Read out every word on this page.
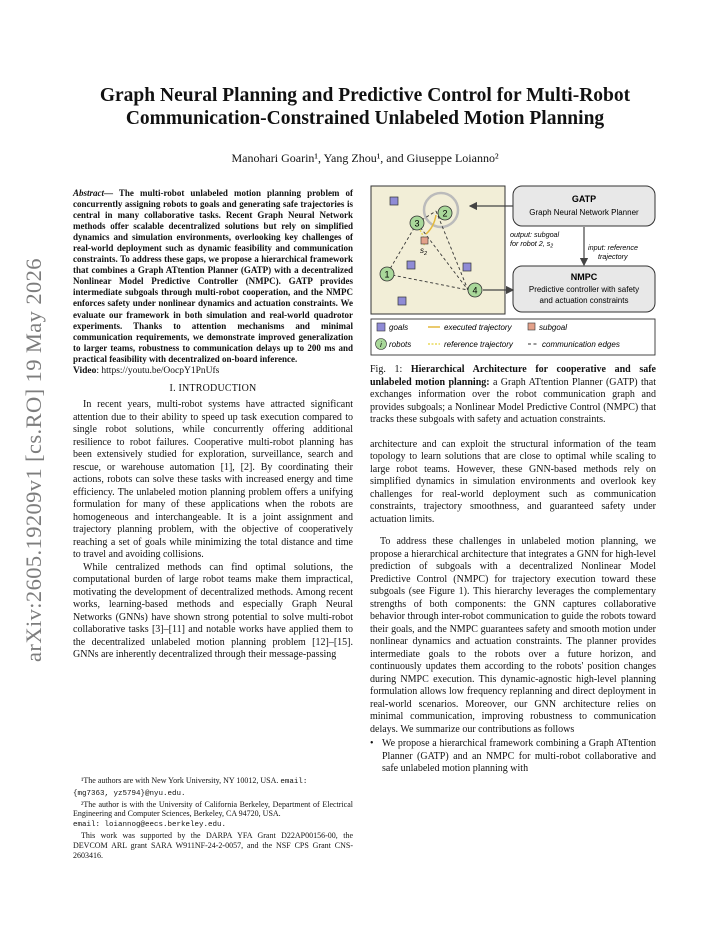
arXiv:2605.19209v1 [cs.RO] 19 May 2026
Graph Neural Planning and Predictive Control for Multi-Robot
Communication-Constrained Unlabeled Motion Planning
Manohari Goarin¹, Yang Zhou¹, and Giuseppe Loianno²
Abstract— The multi-robot unlabeled motion planning problem of concurrently assigning robots to goals and generating safe trajectories is central in many collaborative tasks. Recent Graph Neural Network methods offer scalable decentralized solutions but rely on simplified dynamics and simulation environments, overlooking key challenges of real-world deployment such as dynamic feasibility and communication constraints. To address these gaps, we propose a hierarchical framework that combines a Graph ATtention Planner (GATP) with a decentralized Nonlinear Model Predictive Controller (NMPC). GATP provides intermediate subgoals through multi-robot cooperation, and the NMPC enforces safety under nonlinear dynamics and actuation constraints. We evaluate our framework in both simulation and real-world quadrotor experiments. Thanks to attention mechanisms and minimal communication requirements, we demonstrate improved generalization to larger teams, robustness to communication delays up to 200 ms and practical feasibility with decentralized on-board inference.
Video: https://youtu.be/OocpY1PnUfs
I. INTRODUCTION

In recent years, multi-robot systems have attracted significant attention due to their ability to speed up task execution compared to single robot solutions, while concurrently offering additional resilience to robot failures. Cooperative multi-robot planning has been extensively studied for exploration, surveillance, search and rescue, or warehouse automation [1], [2]. By coordinating their actions, robots can solve these tasks with increased energy and time efficiency. The unlabeled motion planning problem offers a unifying formulation for many of these applications when the robots are homogeneous and interchangeable. It is a joint assignment and trajectory planning problem, with the objective of cooperatively reaching a set of goals while minimizing the total distance and time to travel and avoiding collisions.

While centralized methods can find optimal solutions, the computational burden of large robot teams make them impractical, motivating the development of decentralized methods. Among recent works, learning-based methods and especially Graph Neural Networks (GNNs) have shown strong potential to solve multi-robot collaborative tasks [3]–[11] and notable works have applied them to the decentralized unlabeled motion planning problem [12]–[15]. GNNs are inherently decentralized through their message-passing

¹The authors are with New York University, NY 10012, USA. email:
{mg7363, yz5794}@nyu.edu.

²The author is with the University of California Berkeley, Department of Electrical Engineering and Computer Sciences, Berkeley, CA 94720, USA.
email: loiannog@eecs.berkeley.edu.

This work was supported by the DARPA YFA Grant D22AP00156-00, the DEVCOM ARL grant SARA W911NF-24-2-0057, and the NSF CPS Grant CNS-2603416.

$s_2$
3
2
1
4
GATP
Graph Neural Network Planner
NMPC
Predictive controller with safety
and actuation constraints
output: subgoal
for robot 2, $s_2$	input: reference
trajectory
goals	executed trajectory	subgoal
i robots	reference trajectory	communication edges
Fig. 1: Hierarchical Architecture for cooperative and safe unlabeled motion planning: a Graph ATtention Planner (GATP) that exchanges information over the robot communication graph and provides subgoals; a Nonlinear Model Predictive Control (NMPC) that tracks these subgoals with safety and actuation constraints.

architecture and can exploit the structural information of the team topology to learn solutions that are close to optimal while scaling to large robot teams. However, these GNN-based methods rely on simplified dynamics in simulation environments and overlook key challenges for real-world deployment such as communication constraints, trajectory smoothness, and guaranteed safety under actuation limits.

To address these challenges in unlabeled motion planning, we propose a hierarchical architecture that integrates a GNN for high-level prediction of subgoals with a decentralized Nonlinear Model Predictive Control (NMPC) for trajectory execution toward these subgoals (see Figure 1). This hierarchy leverages the complementary strengths of both components: the GNN captures collaborative behavior through inter-robot communication to guide the robots toward their goals, and the NMPC guarantees safety and smooth motion under nonlinear dynamics and actuation constraints. The planner provides intermediate goals to the robots over a future horizon, and continuously updates them according to the robots' position changes during NMPC execution. This dynamic-agnostic high-level planning formulation allows low frequency replanning and direct deployment in real-world scenarios. Moreover, our GNN architecture relies on minimal communication, improving robustness to communication delays. We summarize our contributions as follows

• We propose a hierarchical framework combining a Graph ATtention Planner (GATP) and an NMPC for multi-robot collaborative and safe unlabeled motion planning with
